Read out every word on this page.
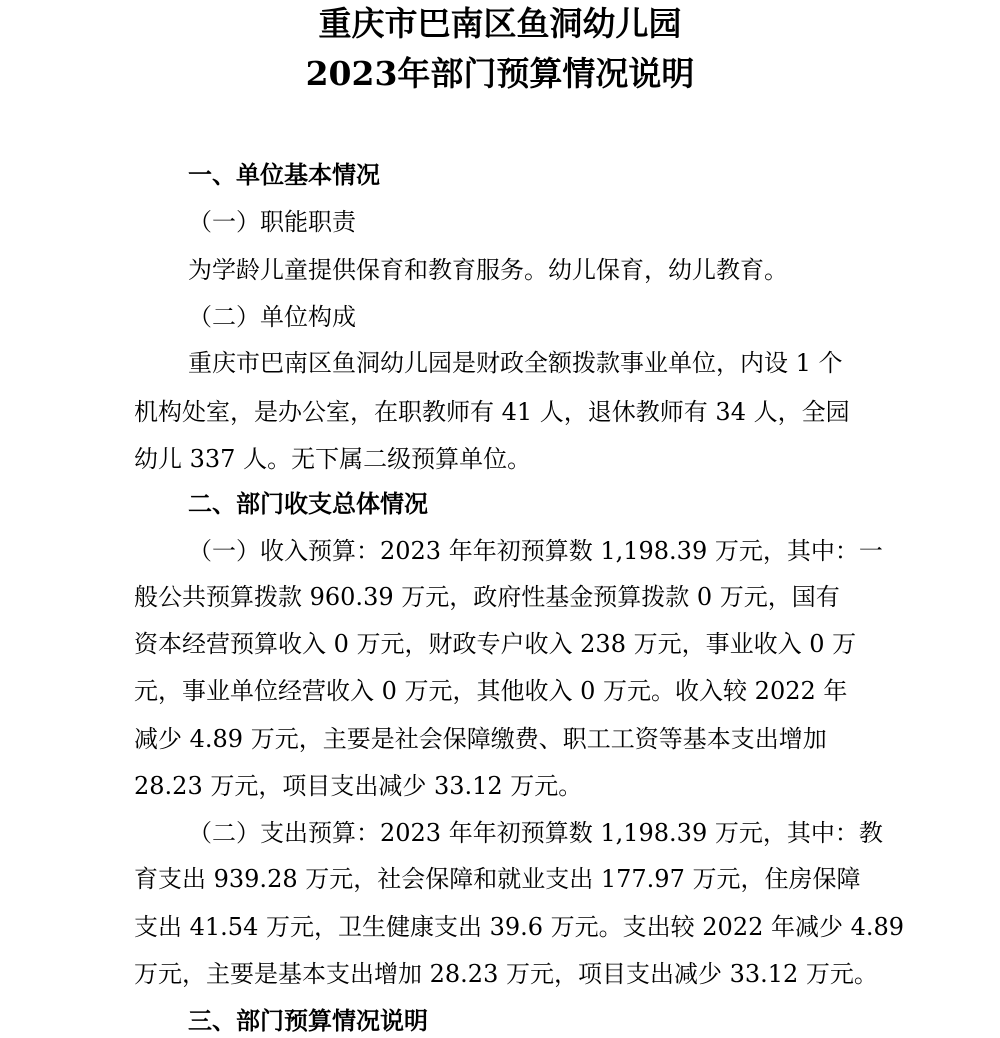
重庆市巴南区鱼洞幼儿园
2023年部门预算情况说明
一、单位基本情况
（一）职能职责
为学龄儿童提供保育和教育服务。幼儿保育，幼儿教育。
（二）单位构成
重庆市巴南区鱼洞幼儿园是财政全额拨款事业单位，内设 1 个
机构处室，是办公室，在职教师有 41 人，退休教师有 34 人，全园
幼儿 337 人。无下属二级预算单位。
二、部门收支总体情况
（一）收入预算：2023 年年初预算数 1,198.39 万元，其中：一
般公共预算拨款 960.39 万元，政府性基金预算拨款 0 万元，国有
资本经营预算收入 0 万元，财政专户收入 238 万元，事业收入 0 万
元，事业单位经营收入 0 万元，其他收入 0 万元。收入较 2022 年
减少 4.89 万元，主要是社会保障缴费、职工工资等基本支出增加
28.23 万元，项目支出减少 33.12 万元。
（二）支出预算：2023 年年初预算数 1,198.39 万元，其中：教
育支出 939.28 万元，社会保障和就业支出 177.97 万元，住房保障
支出 41.54 万元，卫生健康支出 39.6 万元。支出较 2022 年减少 4.89
万元，主要是基本支出增加 28.23 万元，项目支出减少 33.12 万元。
三、部门预算情况说明
